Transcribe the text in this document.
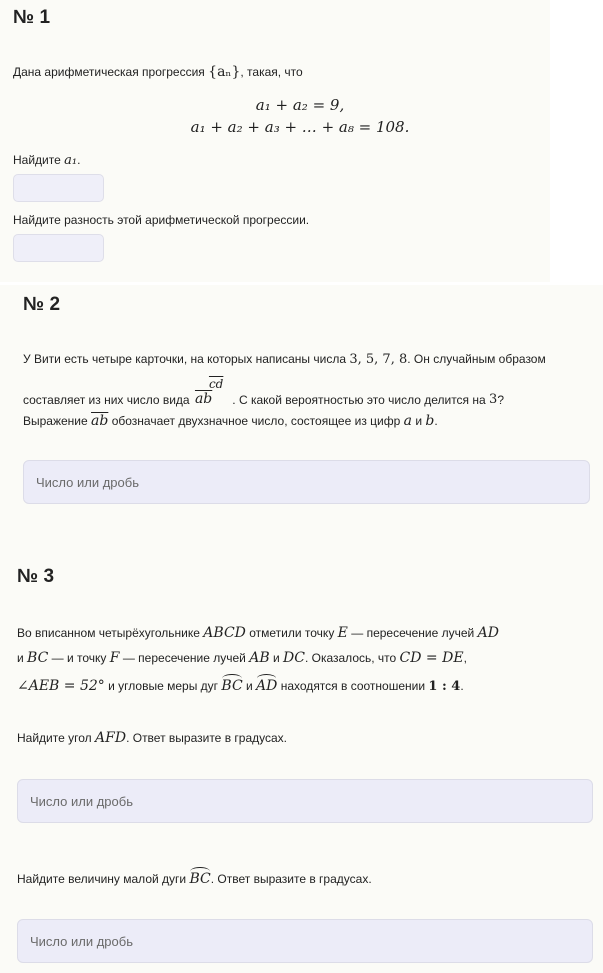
№ 1
Дана арифметическая прогрессия {aₙ}, такая, что
a₁ + a₂ = 9,
a₁ + a₂ + a₃ + … + a₈ = 108.
Найдите a₁.
Найдите разность этой арифметической прогрессии.
№ 2
У Вити есть четыре карточки, на которых написаны числа 3, 5, 7, 8. Он случайным образом
составляет из них число вида $\overline{ab}$
$\overline{cd}$
. С какой вероятностью это число делится на 3?
Выражение $\overline{ab}$ обозначает двухзначное число, состоящее из цифр a и b.
Число или дробь
№ 3
Во вписанном четырёхугольнике ABCD отметили точку E — пересечение лучей AD
и BC — и точку F — пересечение лучей AB и DC. Оказалось, что CD = DE,
∠AEB = 52° и угловые меры дуг BC и AD находятся в соотношении 1 : 4.
Найдите угол AFD. Ответ выразите в градусах.
Число или дробь
Найдите величину малой дуги BC. Ответ выразите в градусах.
Число или дробь
